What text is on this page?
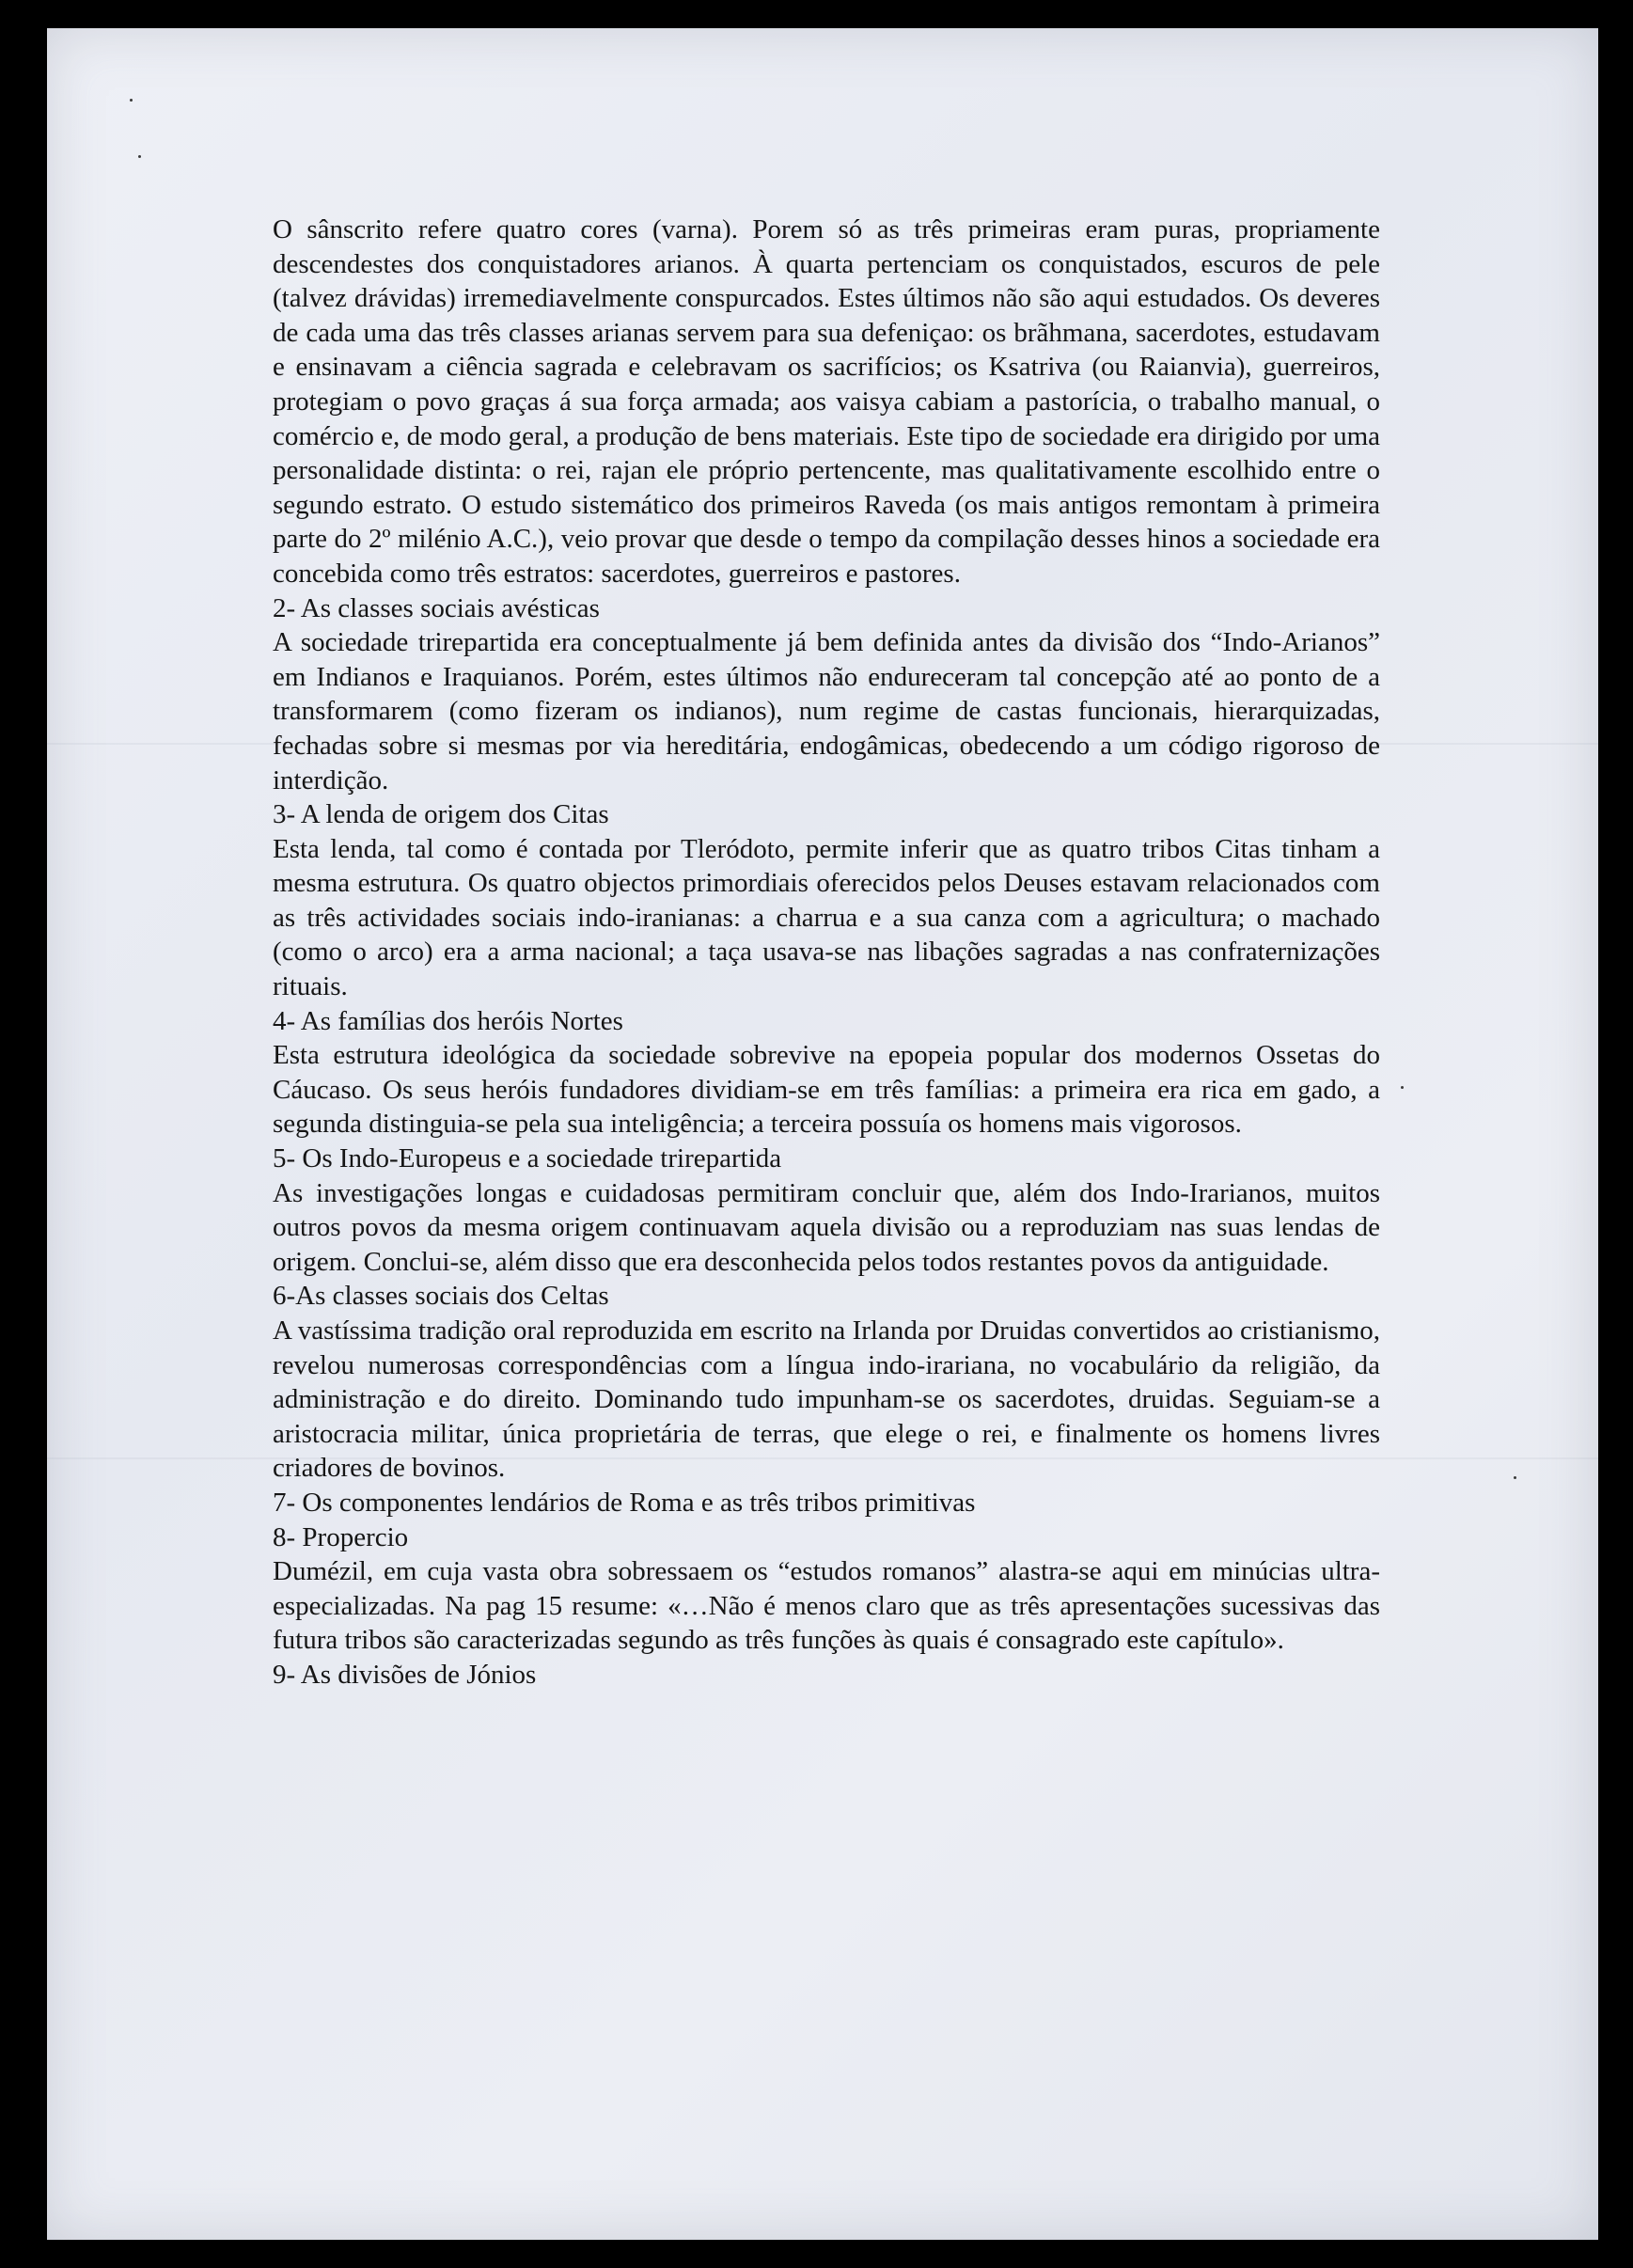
O sânscrito refere quatro cores (varna). Porem só as três primeiras eram puras, propriamente descendestes dos conquistadores arianos. À quarta pertenciam os conquistados, escuros de pele (talvez drávidas) irremediavelmente conspurcados. Estes últimos não são aqui estudados. Os deveres de cada uma das três classes arianas servem para sua defeniçao: os brãhmana, sacerdotes, estudavam e ensinavam a ciência sagrada e celebravam os sacrifícios; os Ksatriva (ou Raianvia), guerreiros, protegiam o povo graças á sua força armada; aos vaisya cabiam a pastorícia, o trabalho manual, o comércio e, de modo geral, a produção de bens materiais. Este tipo de sociedade era dirigido por uma personalidade distinta: o rei, rajan ele próprio pertencente, mas qualitativamente escolhido entre o segundo estrato. O estudo sistemático dos primeiros Raveda (os mais antigos remontam à primeira parte do 2º milénio A.C.), veio provar que desde o tempo da compilação desses hinos a sociedade era concebida como três estratos: sacerdotes, guerreiros e pastores.

2- As classes sociais avésticas

A sociedade trirepartida era conceptualmente já bem definida antes da divisão dos “Indo-Arianos” em Indianos e Iraquianos. Porém, estes últimos não endureceram tal concepção até ao ponto de a transformarem (como fizeram os indianos), num regime de castas funcionais, hierarquizadas, fechadas sobre si mesmas por via hereditária, endogâmicas, obedecendo a um código rigoroso de interdição.

3- A lenda de origem dos Citas

Esta lenda, tal como é contada por Tleródoto, permite inferir que as quatro tribos Citas tinham a mesma estrutura. Os quatro objectos primordiais oferecidos pelos Deuses estavam relacionados com as três actividades sociais indo-iranianas: a charrua e a sua canza com a agricultura; o machado (como o arco) era a arma nacional; a taça usava-se nas libações sagradas a nas confraternizações rituais.

4- As famílias dos heróis Nortes

Esta estrutura ideológica da sociedade sobrevive na epopeia popular dos modernos Ossetas do Cáucaso. Os seus heróis fundadores dividiam-se em três famílias: a primeira era rica em gado, a segunda distinguia-se pela sua inteligência; a terceira possuía os homens mais vigorosos.

5- Os Indo-Europeus e a sociedade trirepartida

As investigações longas e cuidadosas permitiram concluir que, além dos Indo-Irarianos, muitos outros povos da mesma origem continuavam aquela divisão ou a reproduziam nas suas lendas de origem. Conclui-se, além disso que era desconhecida pelos todos restantes povos da antiguidade.

6-As classes sociais dos Celtas

A vastíssima tradição oral reproduzida em escrito na Irlanda por Druidas convertidos ao cristianismo, revelou numerosas correspondências com a língua indo-irariana, no vocabulário da religião, da administração e do direito. Dominando tudo impunham-se os sacerdotes, druidas. Seguiam-se a aristocracia militar, única proprietária de terras, que elege o rei, e finalmente os homens livres criadores de bovinos.

7- Os componentes lendários de Roma e as três tribos primitivas

8- Propercio

Dumézil, em cuja vasta obra sobressaem os “estudos romanos” alastra-se aqui em minúcias ultra-especializadas. Na pag 15 resume: «…Não é menos claro que as três apresentações sucessivas das futura tribos são caracterizadas segundo as três funções às quais é consagrado este capítulo».

9- As divisões de Jónios
